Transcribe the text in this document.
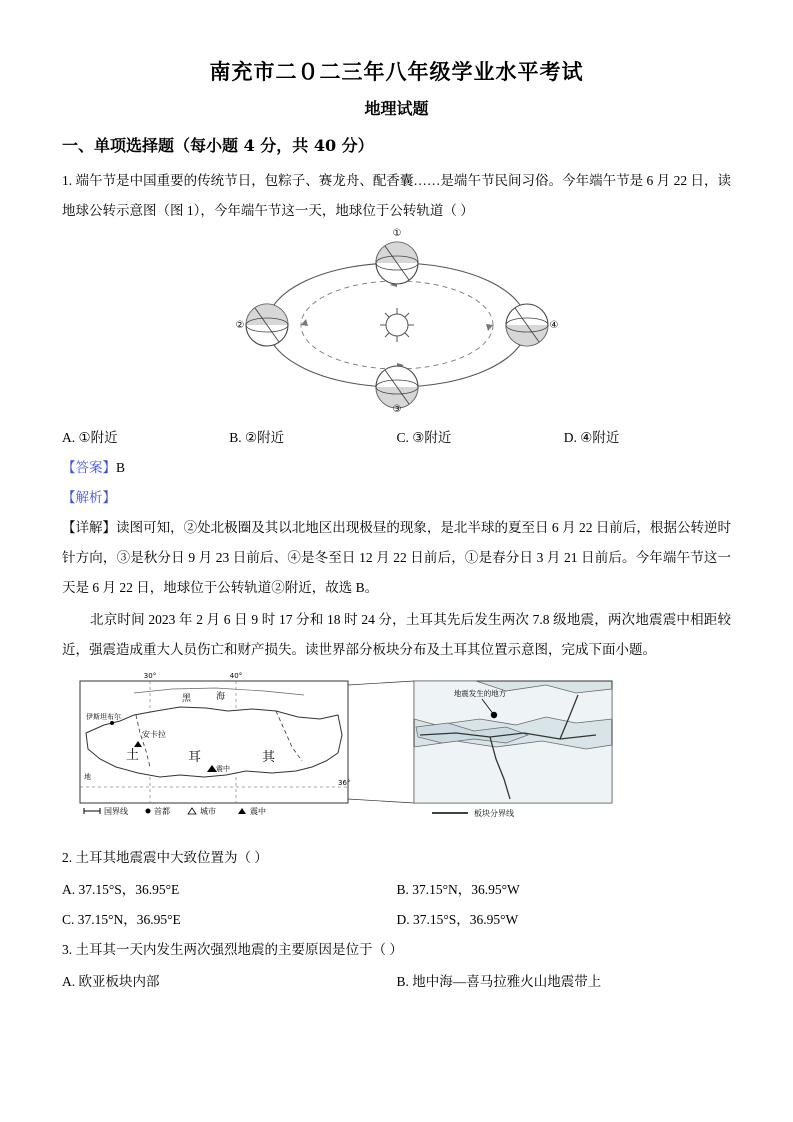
南充市二０二三年八年级学业水平考试
地理试题
一、单项选择题（每小题 4 分，共 40 分）

1. 端午节是中国重要的传统节日，包粽子、赛龙舟、配香囊……是端午节民间习俗。今年端午节是 6 月 22 日，读地球公转示意图（图 1），今年端午节这一天，地球位于公转轨道（ ）

①
④
③
②
A. ①附近	B. ②附近	C. ③附近	D. ④附近

【答案】B

【解析】

【详解】读图可知，②处北极圈及其以北地区出现极昼的现象，是北半球的夏至日 6 月 22 日前后，根据公转逆时针方向，③是秋分日 9 月 23 日前后、④是冬至日 12 月 22 日前后，①是春分日 3 月 21 日前后。今年端午节这一天是 6 月 22 日，地球位于公转轨道②附近，故选 B。

北京时间 2023 年 2 月 6 日 9 时 17 分和 18 时 24 分，土耳其先后发生两次 7.8 级地震，两次地震震中相距较近，强震造成重大人员伤亡和财产损失。读世界部分板块分布及土耳其位置示意图，完成下面小题。

30°	40°
36°
黑	海
伊斯坦布尔
安卡拉
土	耳	其
震中
地
国界线	首都	城市	震中
地震发生的地方
板块分界线

2. 土耳其地震震中大致位置为（ ）

A. 37.15°S，36.95°E	B. 37.15°N，36.95°W
C. 37.15°N，36.95°E	D. 37.15°S，36.95°W

3. 土耳其一天内发生两次强烈地震的主要原因是位于（ ）

A. 欧亚板块内部	B. 地中海—喜马拉雅火山地震带上
